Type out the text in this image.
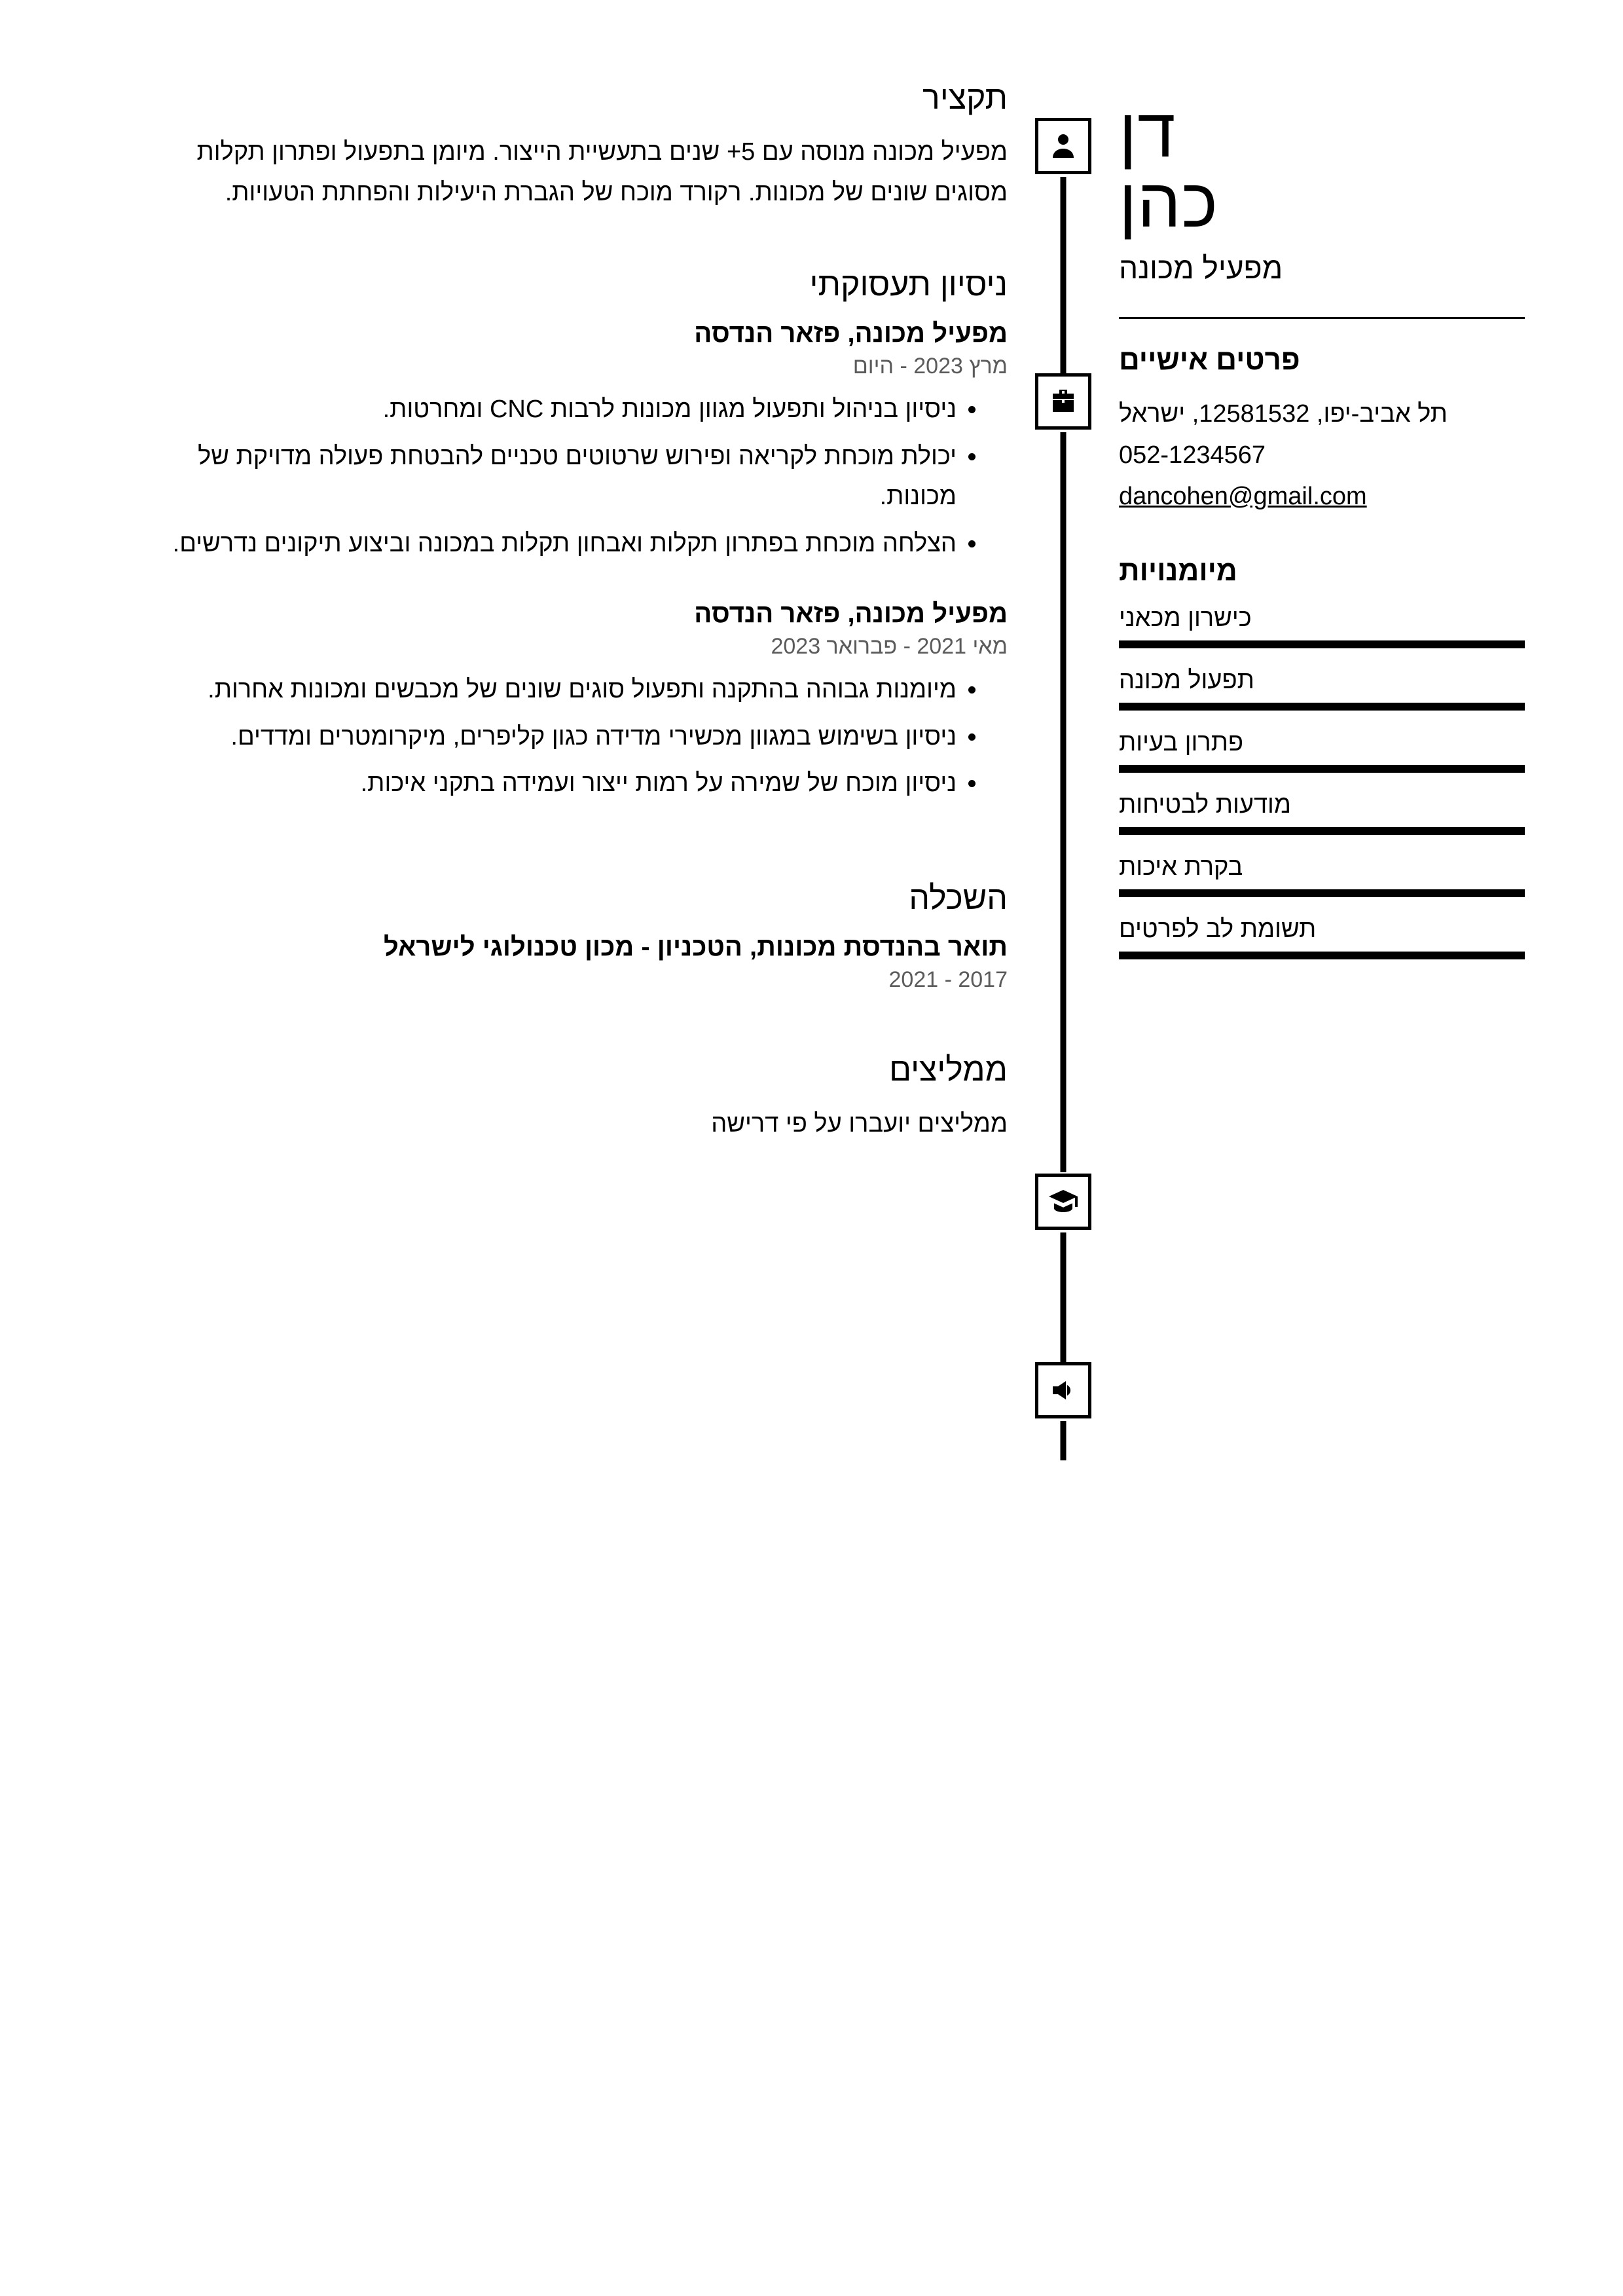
דן
כהן
מפעיל מכונה
פרטים אישיים
תל אביב-יפו, 12581532, ישראל
052-1234567
dancohen@gmail.com
מיומנויות
כישרון מכאני
תפעול מכונה
פתרון בעיות
מודעות לבטיחות
בקרת איכות
תשומת לב לפרטים
תקציר
מפעיל מכונה מנוסה עם 5+ שנים בתעשיית הייצור. מיומן בתפעול ופתרון תקלות מסוגים שונים של מכונות. רקורד מוכח של הגברת היעילות והפחתת הטעויות.
ניסיון תעסוקתי
מפעיל מכונה, פזאר הנדסה
מרץ 2023 - היום
• ניסיון בניהול ותפעול מגוון מכונות לרבות CNC ומחרטות.
• יכולת מוכחת לקריאה ופירוש שרטוטים טכניים להבטחת פעולה מדויקת של מכונות.
• הצלחה מוכחת בפתרון תקלות ואבחון תקלות במכונה וביצוע תיקונים נדרשים.
מפעיל מכונה, פזאר הנדסה
מאי 2021 - פברואר 2023
• מיומנות גבוהה בהתקנה ותפעול סוגים שונים של מכבשים ומכונות אחרות.
• ניסיון בשימוש במגוון מכשירי מדידה כגון קליפרים, מיקרומטרים ומדדים.
• ניסיון מוכח של שמירה על רמות ייצור ועמידה בתקני איכות.
השכלה
תואר בהנדסת מכונות, הטכניון - מכון טכנולוגי לישראל
2017 - 2021
ממליצים
ממליצים יועברו על פי דרישה
